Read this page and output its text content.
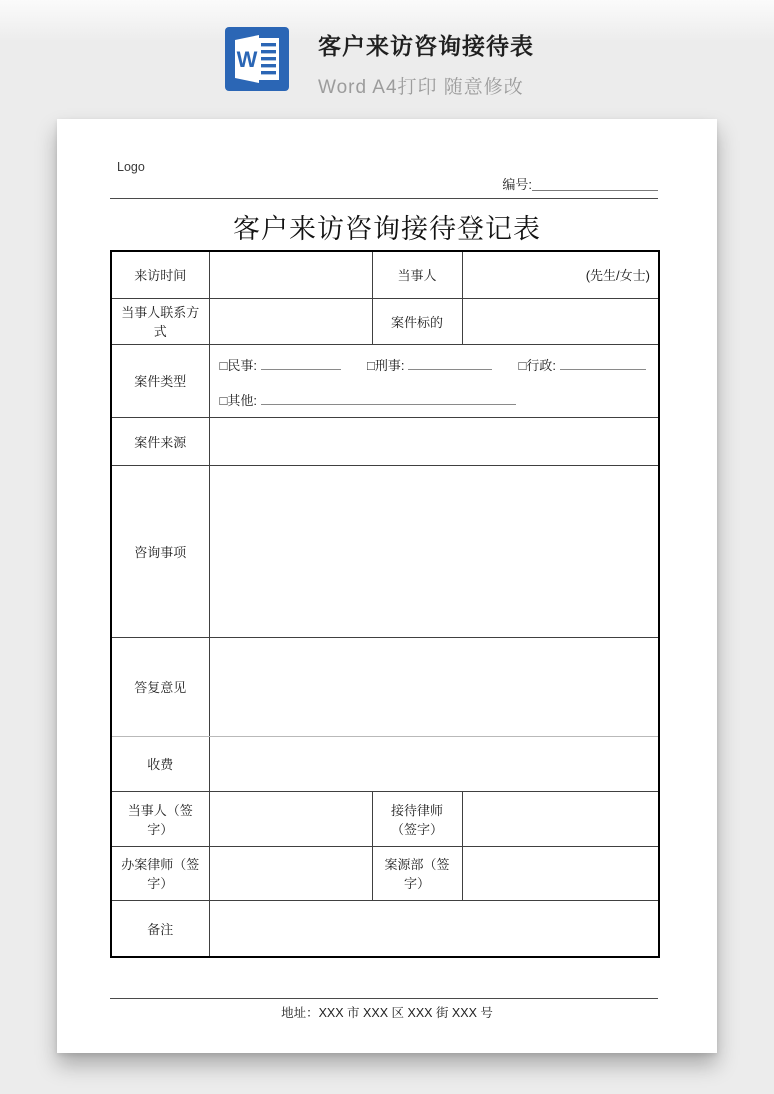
W
客户来访咨询接待表
Word A4打印 随意修改
Logo
编号:
客户来访咨询接待登记表
来访时间		当事人	(先生/女士)
当事人联系方式		案件标的	
案件类型	□民事: □刑事: □行政:
□其他:		

案件来源			
咨询事项			
答复意见			
收费			
当事人（签字）		接待律师（签字）	
办案律师（签字）		案源部（签字）	
备注			
地址：XXX 市 XXX 区 XXX 街 XXX 号
